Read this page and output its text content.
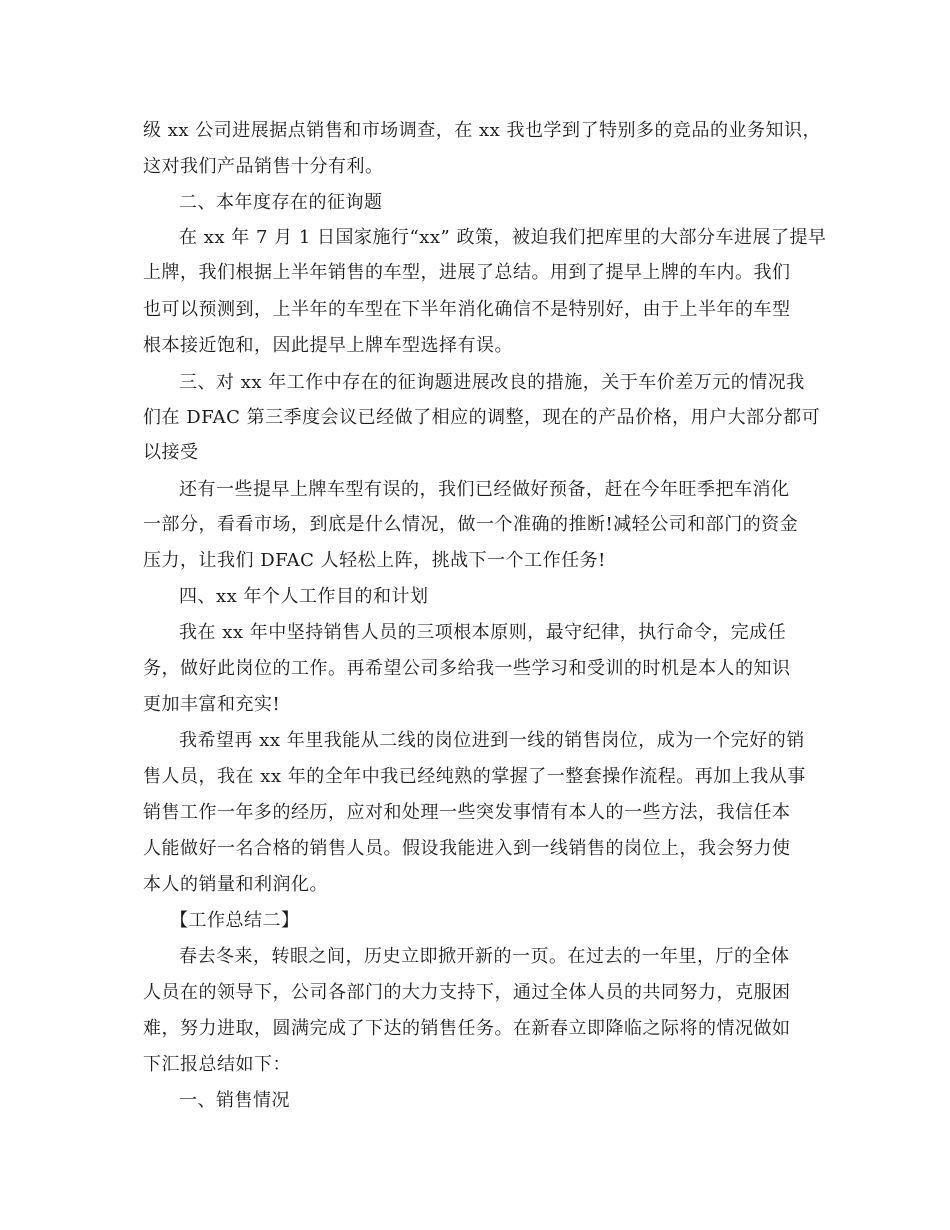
级 xx 公司进展据点销售和市场调查，在 xx 我也学到了特别多的竞品的业务知识，
这对我们产品销售十分有利。
二、本年度存在的征询题
在 xx 年 7 月 1 日国家施行“xx” 政策，被迫我们把库里的大部分车进展了提早
上牌，我们根据上半年销售的车型，进展了总结。用到了提早上牌的车内。我们
也可以预测到，上半年的车型在下半年消化确信不是特别好，由于上半年的车型
根本接近饱和，因此提早上牌车型选择有误。
三、对 xx 年工作中存在的征询题进展改良的措施，关于车价差万元的情况我
们在 DFAC 第三季度会议已经做了相应的调整，现在的产品价格，用户大部分都可
以接受
还有一些提早上牌车型有误的，我们已经做好预备，赶在今年旺季把车消化
一部分，看看市场，到底是什么情况，做一个准确的推断!减轻公司和部门的资金
压力，让我们 DFAC 人轻松上阵，挑战下一个工作任务!
四、xx 年个人工作目的和计划
我在 xx 年中坚持销售人员的三项根本原则，最守纪律，执行命令，完成任
务，做好此岗位的工作。再希望公司多给我一些学习和受训的时机是本人的知识
更加丰富和充实!
我希望再 xx 年里我能从二线的岗位进到一线的销售岗位，成为一个完好的销
售人员，我在 xx 年的全年中我已经纯熟的掌握了一整套操作流程。再加上我从事
销售工作一年多的经历，应对和处理一些突发事情有本人的一些方法，我信任本
人能做好一名合格的销售人员。假设我能进入到一线销售的岗位上，我会努力使
本人的销量和利润化。
【工作总结二】
春去冬来，转眼之间，历史立即掀开新的一页。在过去的一年里，厅的全体
人员在的领导下，公司各部门的大力支持下，通过全体人员的共同努力，克服困
难，努力进取，圆满完成了下达的销售任务。在新春立即降临之际将的情况做如
下汇报总结如下：
一、销售情况
